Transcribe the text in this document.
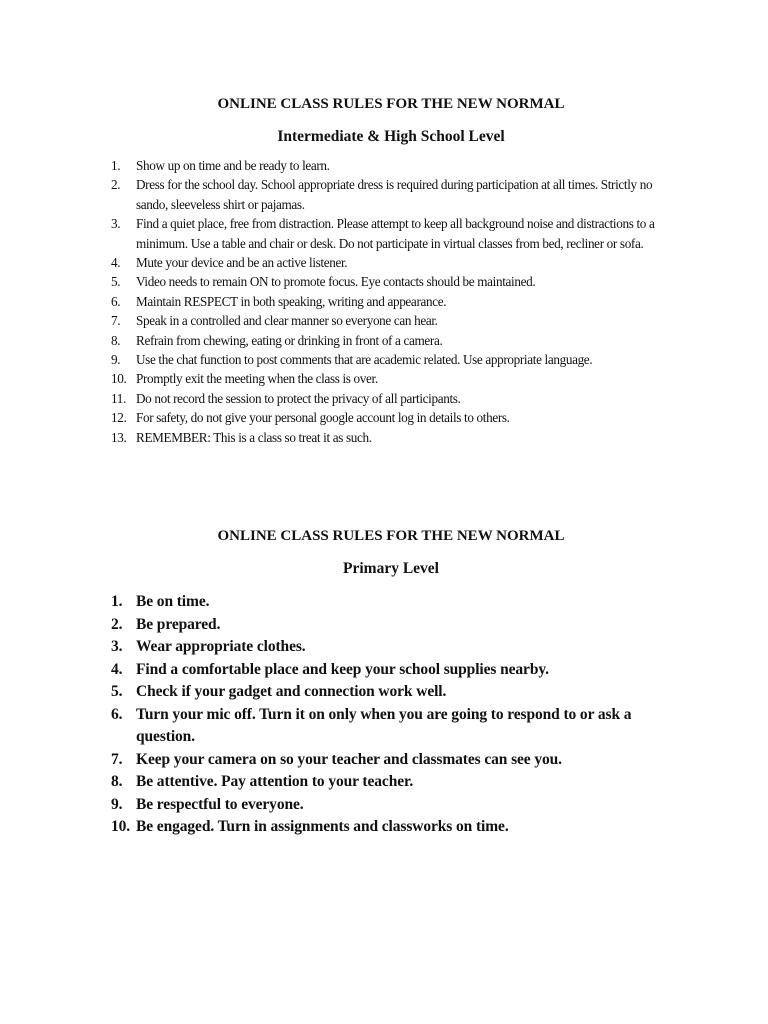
ONLINE CLASS RULES FOR THE NEW NORMAL
Intermediate & High School Level
1. Show up on time and be ready to learn.
2. Dress for the school day. School appropriate dress is required during participation at all times. Strictly no sando, sleeveless shirt or pajamas.
3. Find a quiet place, free from distraction. Please attempt to keep all background noise and distractions to a minimum. Use a table and chair or desk. Do not participate in virtual classes from bed, recliner or sofa.
4. Mute your device and be an active listener.
5. Video needs to remain ON to promote focus. Eye contacts should be maintained.
6. Maintain RESPECT in both speaking, writing and appearance.
7. Speak in a controlled and clear manner so everyone can hear.
8. Refrain from chewing, eating or drinking in front of a camera.
9. Use the chat function to post comments that are academic related. Use appropriate language.
10. Promptly exit the meeting when the class is over.
11. Do not record the session to protect the privacy of all participants.
12. For safety, do not give your personal google account log in details to others.
13. REMEMBER: This is a class so treat it as such.
ONLINE CLASS RULES FOR THE NEW NORMAL
Primary Level
1. Be on time.
2. Be prepared.
3. Wear appropriate clothes.
4. Find a comfortable place and keep your school supplies nearby.
5. Check if your gadget and connection work well.
6. Turn your mic off. Turn it on only when you are going to respond to or ask a question.
7. Keep your camera on so your teacher and classmates can see you.
8. Be attentive. Pay attention to your teacher.
9. Be respectful to everyone.
10. Be engaged. Turn in assignments and classworks on time.
